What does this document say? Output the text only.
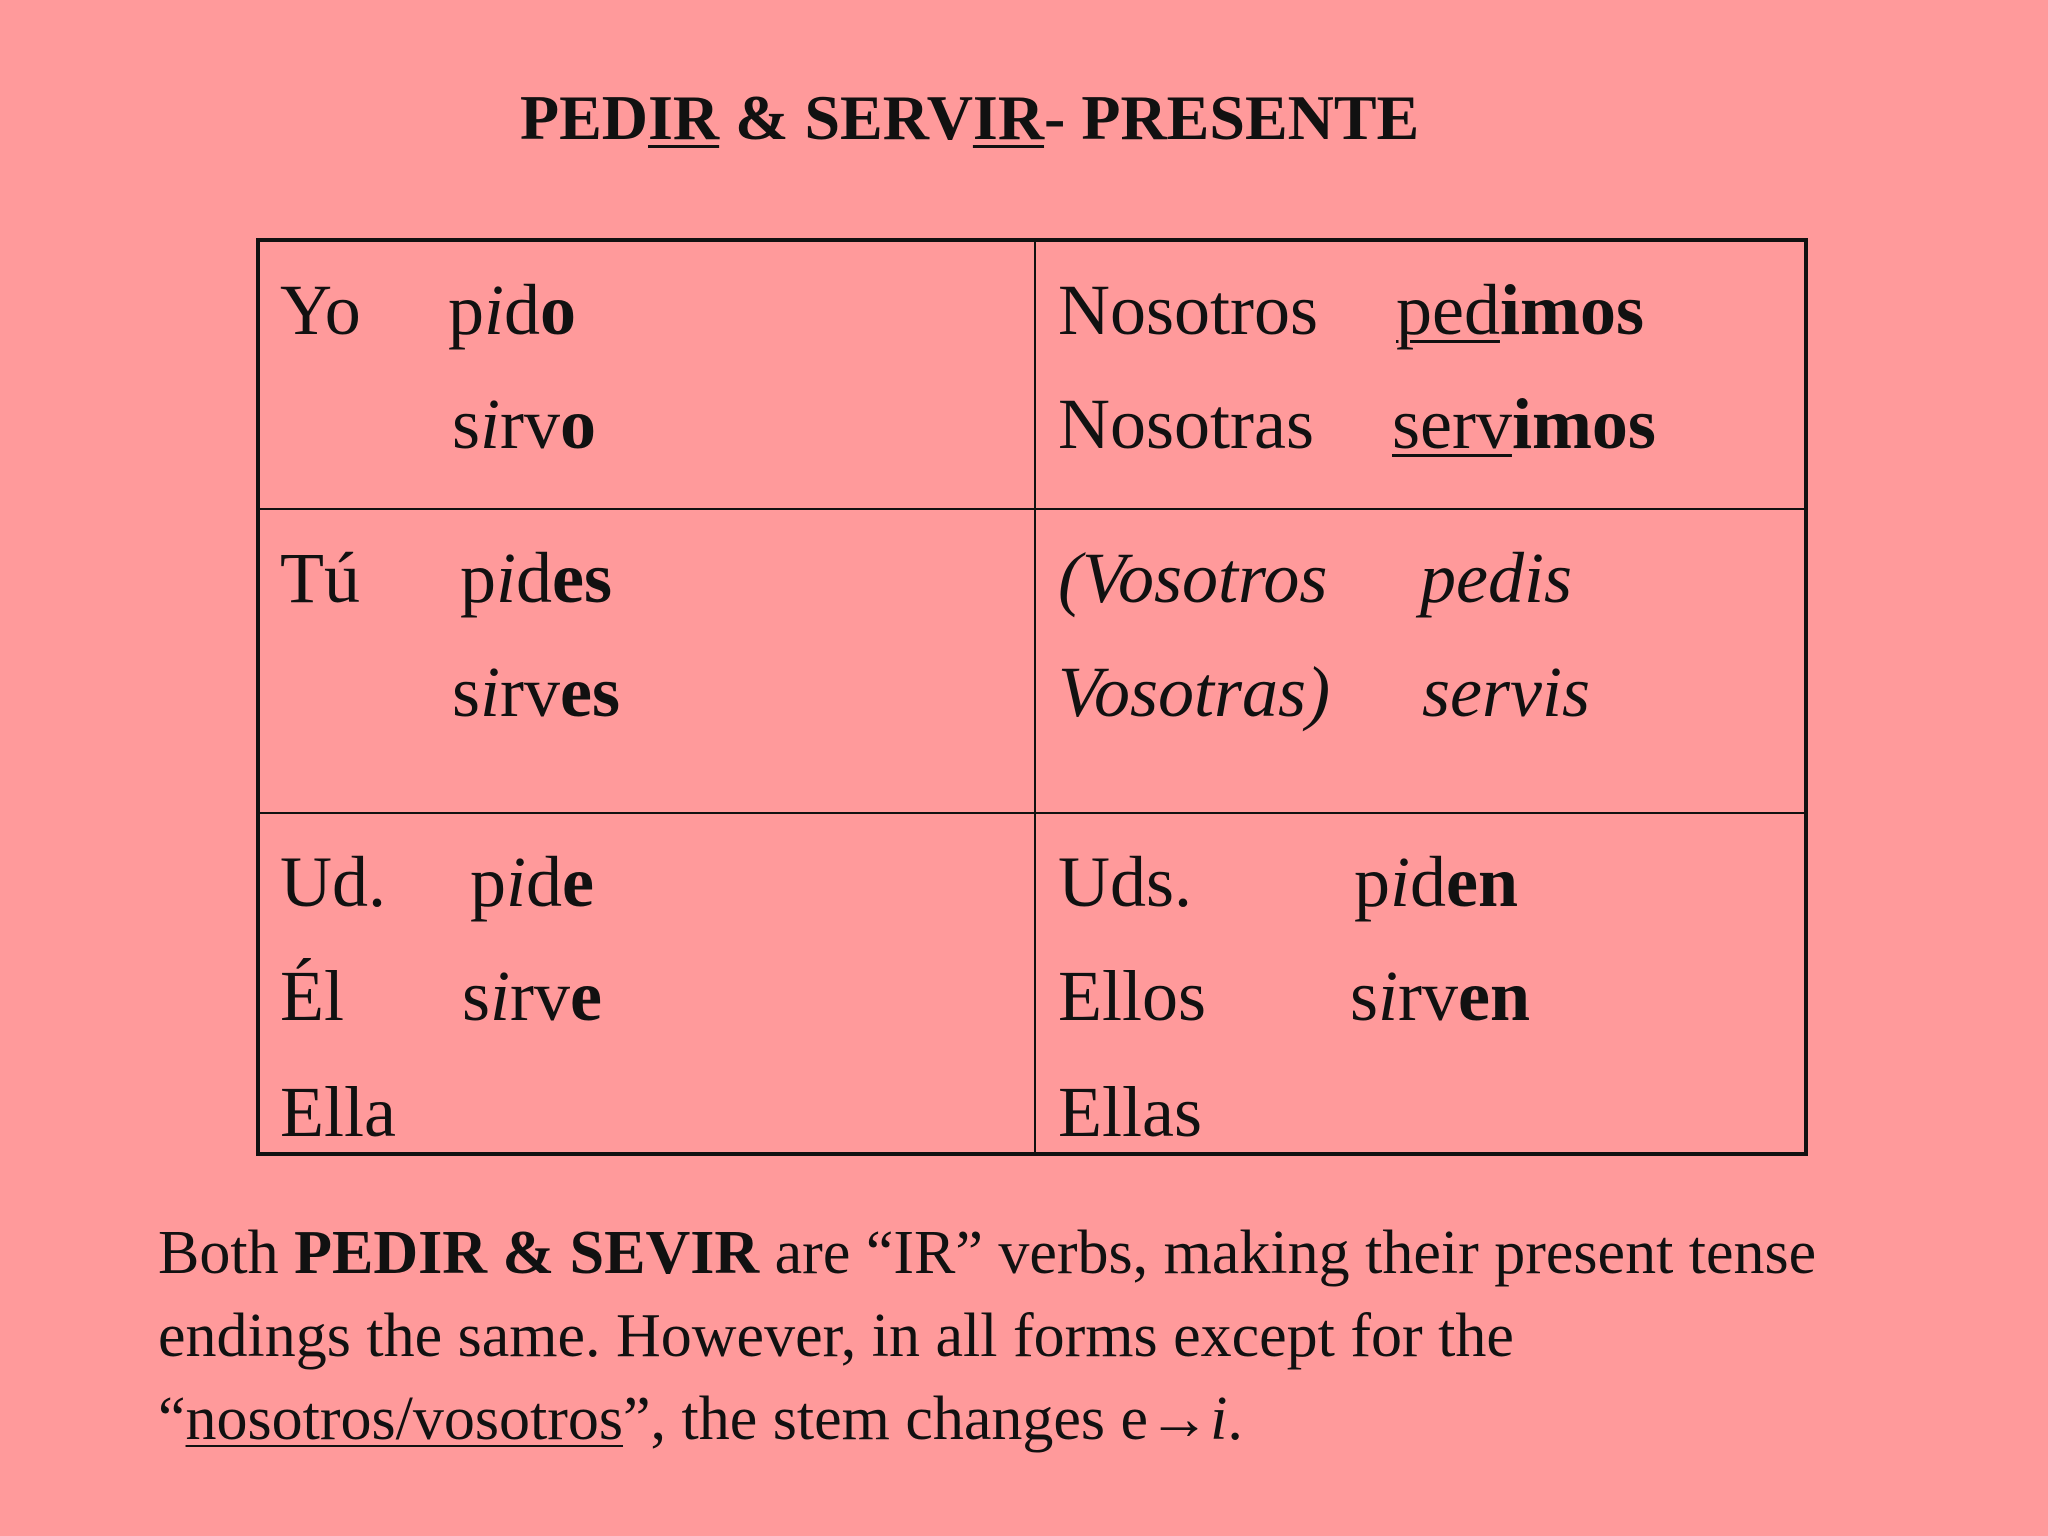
PEDIR & SERVIR- PRESENTE
Yo pido
sirvo
Nosotros
Nosotras
pedimos
servimos
Tú pides
sirves
(Vosotros
Vosotras)
pedis
servis
Ud.
Él
Ella
pide
sirve
Uds.
Ellos
Ellas
piden
sirven
Both PEDIR & SEVIR are “IR” verbs, making their present tense endings the same. However, in all forms except for the “nosotros/vosotros”, the stem changes e→i.
